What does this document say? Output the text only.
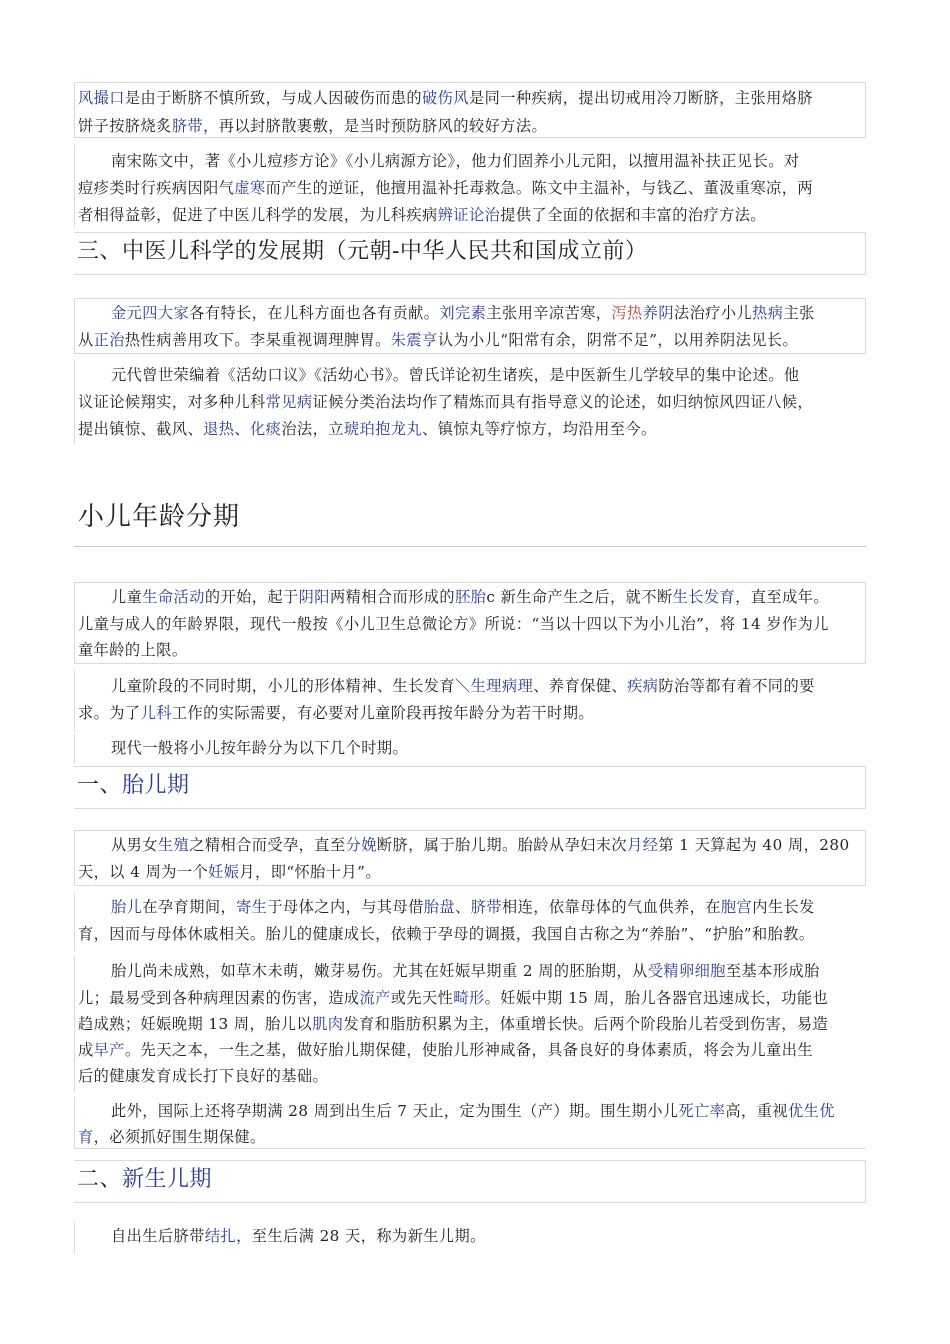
风撮口是由于断脐不慎所致，与成人因破伤而患的破伤风是同一种疾病，提出切戒用冷刀断脐，主张用烙脐
饼子按脐烧炙脐带，再以封脐散裹敷，是当时预防脐风的较好方法。
南宋陈文中，著《小儿痘疹方论》《小儿病源方论》，他力们固养小儿元阳，以擅用温补扶正见长。对
痘疹类时行疾病因阳气虚寒而产生的逆证，他擅用温补托毒救急。陈文中主温补，与钱乙、董汲重寒凉，两
者相得益彰，促进了中医儿科学的发展，为儿科疾病辨证论治提供了全面的依据和丰富的治疗方法。
三、中医儿科学的发展期（元朝-中华人民共和国成立前）
金元四大家各有特长，在儿科方面也各有贡献。刘完素主张用辛凉苦寒，泻热养阴法治疗小儿热病主张
从正治热性病善用攻下。李杲重视调理脾胃。朱震亨认为小儿“阳常有余，阴常不足”，以用养阴法见长。
元代曾世荣编着《活幼口议》《活幼心书》。曾氏详论初生诸疾，是中医新生儿学较早的集中论述。他
议证论候翔实，对多种儿科常见病证候分类治法均作了精炼而具有指导意义的论述，如归纳惊风四证八候，
提出镇惊、截风、退热、化痰治法，立琥珀抱龙丸、镇惊丸等疗惊方，均沿用至今。
小儿年龄分期
儿童生命活动的开始，起于阴阳两精相合而形成的胚胎c 新生命产生之后，就不断生长发育，直至成年。
儿童与成人的年龄界限，现代一般按《小儿卫生总微论方》所说：“当以十四以下为小儿治”，将 14 岁作为儿
童年龄的上限。
儿童阶段的不同时期，小儿的形体精神、生长发育＼生理病理、养育保健、疾病防治等都有着不同的要
求。为了儿科工作的实际需要，有必要对儿童阶段再按年龄分为若干时期。
现代一般将小儿按年龄分为以下几个时期。
一、胎儿期
从男女生殖之精相合而受孕，直至分娩断脐，属于胎儿期。胎龄从孕妇末次月经第 1 天算起为 40 周，280
天，以 4 周为一个妊娠月，即“怀胎十月”。
胎儿在孕育期间，寄生于母体之内，与其母借胎盘、脐带相连，依靠母体的气血供养，在胞宫内生长发
育，因而与母体休戚相关。胎儿的健康成长，依赖于孕母的调摄，我国自古称之为“养胎”、“护胎”和胎教。
胎儿尚未成熟，如草木未萌，嫩芽易伤。尤其在妊娠早期重 2 周的胚胎期，从受精卵细胞至基本形成胎
儿；最易受到各种病理因素的伤害，造成流产或先天性畸形。妊娠中期 15 周，胎儿各器官迅速成长，功能也
趋成熟；妊娠晚期 13 周，胎儿以肌肉发育和脂肪积累为主，体重增长快。后两个阶段胎儿若受到伤害，易造
成早产。先天之本，一生之基，做好胎儿期保健，使胎儿形神咸备，具备良好的身体素质，将会为儿童出生
后的健康发育成长打下良好的基础。
此外，国际上还将孕期满 28 周到出生后 7 天止，定为围生（产）期。围生期小儿死亡率高，重视优生优
育，必须抓好围生期保健。
二、新生儿期
自出生后脐带结扎，至生后满 28 天，称为新生儿期。
